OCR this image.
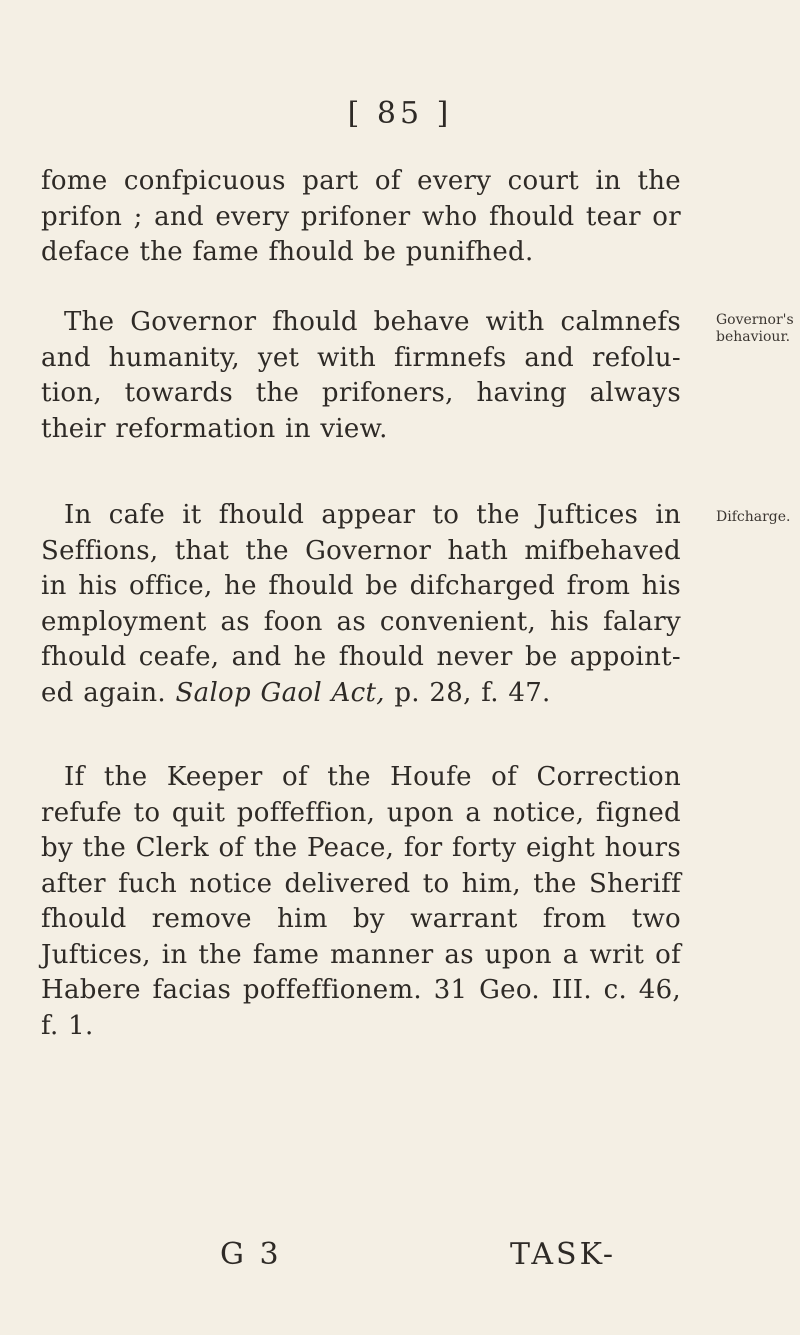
[ 85 ]

fome confpicuous part of every court in the prifon ; and every prifoner who fhould tear or deface the fame fhould be punifhed.

The Governor fhould behave with calmnefs and humanity, yet with firmnefs and refolu-tion, towards the prifoners, having always their reformation in view.

Governor's behaviour.

In cafe it fhould appear to the Juftices in Seffions, that the Governor hath mifbehaved in his office, he fhould be difcharged from his employment as foon as convenient, his falary fhould ceafe, and he fhould never be appoint-ed again. Salop Gaol Act, p. 28, f. 47.

Difcharge.

If the Keeper of the Houfe of Correction refufe to quit poffeffion, upon a notice, figned by the Clerk of the Peace, for forty eight hours after fuch notice delivered to him, the Sheriff fhould remove him by warrant from two Juftices, in the fame manner as upon a writ of Habere facias poffeffionem. 31 Geo. III. c. 46, f. 1.

G 3	TASK-
